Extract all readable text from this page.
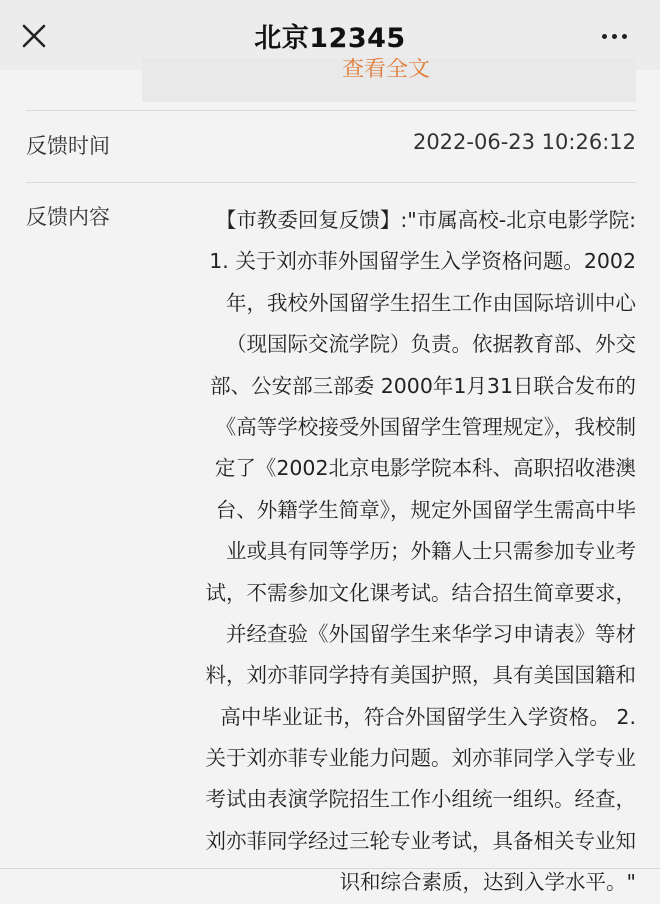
北京12345
查看全文
反馈时间	2022-06-23 10:26:12
反馈内容	【市教委回复反馈】:"市属高校-北京电影学院:
1. 关于刘亦菲外国留学生入学资格问题。2002
年，我校外国留学生招生工作由国际培训中心
（现国际交流学院）负责。依据教育部、外交
部、公安部三部委 2000年1月31日联合发布的
《高等学校接受外国留学生管理规定》，我校制
定了《2002北京电影学院本科、高职招收港澳
台、外籍学生简章》，规定外国留学生需高中毕
业或具有同等学历；外籍人士只需参加专业考
试，不需参加文化课考试。结合招生简章要求，
并经查验《外国留学生来华学习申请表》等材
料，刘亦菲同学持有美国护照，具有美国国籍和
高中毕业证书，符合外国留学生入学资格。 2.
关于刘亦菲专业能力问题。刘亦菲同学入学专业
考试由表演学院招生工作小组统一组织。经查，
刘亦菲同学经过三轮专业考试，具备相关专业知
识和综合素质，达到入学水平。"
